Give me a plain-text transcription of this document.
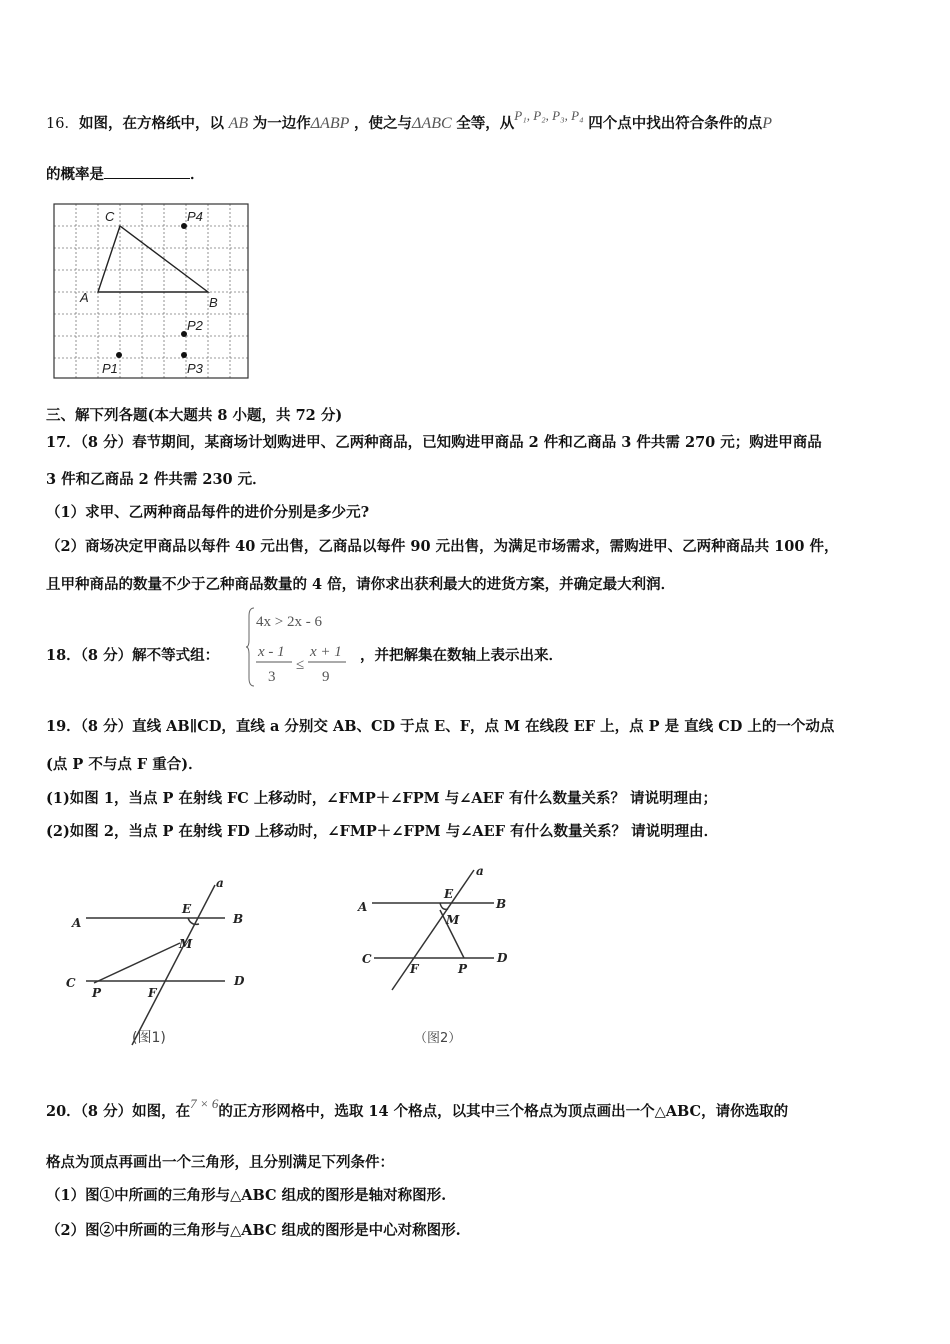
16．如图，在方格纸中，以 AB 为一边作ΔABP ，使之与ΔABC 全等，从P₁, P₂, P₃, P₄ 四个点中找出符合条件的点P
的概率是	．
C	P4
A	B
P2
P1	P3
三、解下列各题(本大题共 8 小题，共 72 分)
17．（8 分）春节期间，某商场计划购进甲、乙两种商品，已知购进甲商品 2 件和乙商品 3 件共需 270 元；购进甲商品
3 件和乙商品 2 件共需 230 元．
（1）求甲、乙两种商品每件的进价分别是多少元?
（2）商场决定甲商品以每件 40 元出售，乙商品以每件 90 元出售，为满足市场需求，需购进甲、乙两种商品共 100 件，
且甲种商品的数量不少于乙种商品数量的 4 倍，请你求出获利最大的进货方案，并确定最大利润．
18．（8 分）解不等式组：
4x > 2x - 6
x - 1
3
≤
x + 1
9
，并把解集在数轴上表示出来．
19．（8 分）直线 AB∥CD，直线 a 分别交 AB、CD 于点 E、F，点 M 在线段 EF 上，点 P 是 直线 CD 上的一个动点
(点 P 不与点 F 重合)．
(1)如图 1，当点 P 在射线 FC 上移动时，∠FMP＋∠FPM 与∠AEF 有什么数量关系？ 请说明理由；
(2)如图 2，当点 P 在射线 FD 上移动时，∠FMP＋∠FPM 与∠AEF 有什么数量关系？ 请说明理由．
a
A	B
E
M
C	D
P	F
(图1)
a
A	B
E
M
C	D
P
F
（图2）
20．（8 分）如图，在7 × 6的正方形网格中，选取 14 个格点，以其中三个格点为顶点画出一个△ABC，请你选取的
格点为顶点再画出一个三角形，且分别满足下列条件：
（1）图①中所画的三角形与△ABC 组成的图形是轴对称图形.
（2）图②中所画的三角形与△ABC 组成的图形是中心对称图形.
